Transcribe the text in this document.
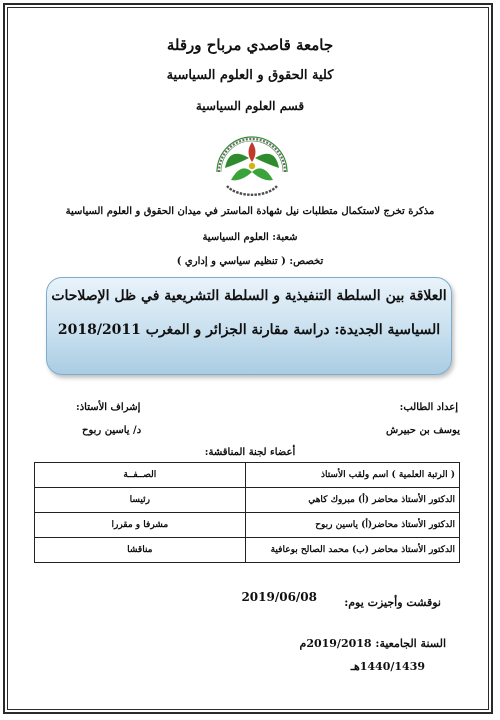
جامعة قاصدي مرباح ورقلة
كلية الحقوق و العلوم السياسية
قسم العلوم السياسية
مذكرة تخرج لاستكمال متطلبات نيل شهادة الماستر في ميدان الحقوق و العلوم السياسية
شعبة: العلوم السياسية
تخصص: ( تنظيم سياسي و إداري )
العلاقة بين السلطة التنفيذية و السلطة التشريعية في ظل الإصلاحات
السياسية الجديدة: دراسة مقارنة الجزائر و المغرب 2018/2011
إعداد الطالب:
إشراف الأستاذ:
يوسف بن حبيرش
د/ ياسين ربوح
أعضاء لجنة المناقشة:
( الرتبة العلمية ) اسم ولقب الأستاذ	الصــفــة
الدكتور الأستاذ محاضر (أ) مبروك كاهي	رئيسا
الدكتور الأستاذ محاضر(أ) ياسين ربوح	مشرفا و مقررا
الدكتور الأستاذ محاضر (ب) محمد الصالح بوعافية	مناقشا
نوقشت وأجيزت يوم:
2019/06/08
السنة الجامعية: 2019/2018م
1440/1439هـ
